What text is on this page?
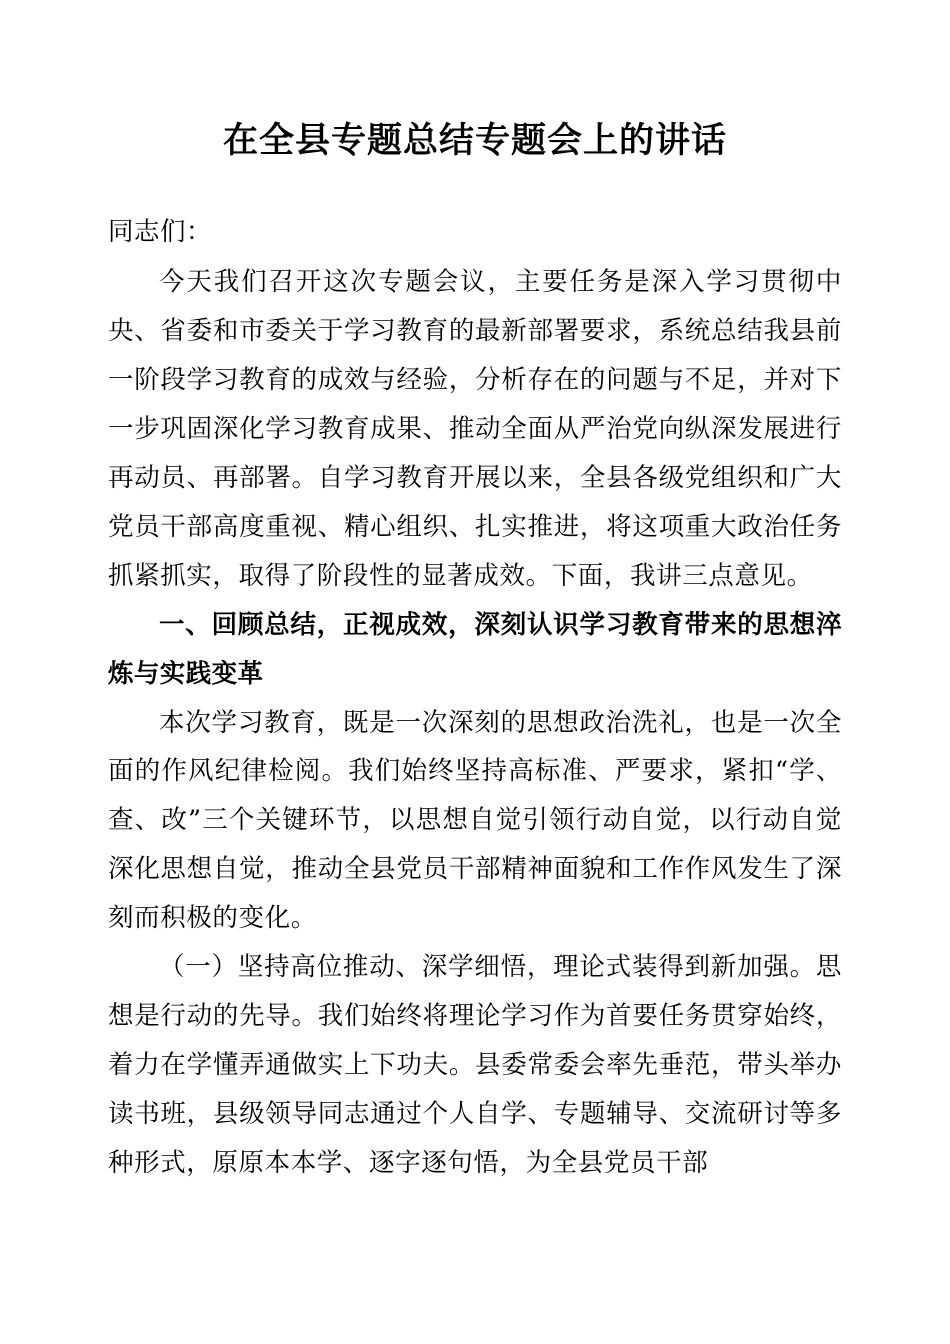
在全县专题总结专题会上的讲话

同志们：

今天我们召开这次专题会议，主要任务是深入学习贯彻中央、省委和市委关于学习教育的最新部署要求，系统总结我县前一阶段学习教育的成效与经验，分析存在的问题与不足，并对下一步巩固深化学习教育成果、推动全面从严治党向纵深发展进行再动员、再部署。自学习教育开展以来，全县各级党组织和广大党员干部高度重视、精心组织、扎实推进，将这项重大政治任务抓紧抓实，取得了阶段性的显著成效。下面，我讲三点意见。

一、回顾总结，正视成效，深刻认识学习教育带来的思想淬炼与实践变革

本次学习教育，既是一次深刻的思想政治洗礼，也是一次全面的作风纪律检阅。我们始终坚持高标准、严要求，紧扣“学、查、改”三个关键环节，以思想自觉引领行动自觉，以行动自觉深化思想自觉，推动全县党员干部精神面貌和工作作风发生了深刻而积极的变化。

（一）坚持高位推动、深学细悟，理论式装得到新加强。思想是行动的先导。我们始终将理论学习作为首要任务贯穿始终，着力在学懂弄通做实上下功夫。县委常委会率先垂范，带头举办读书班，县级领导同志通过个人自学、专题辅导、交流研讨等多种形式，原原本本学、逐字逐句悟，为全县党员干部
